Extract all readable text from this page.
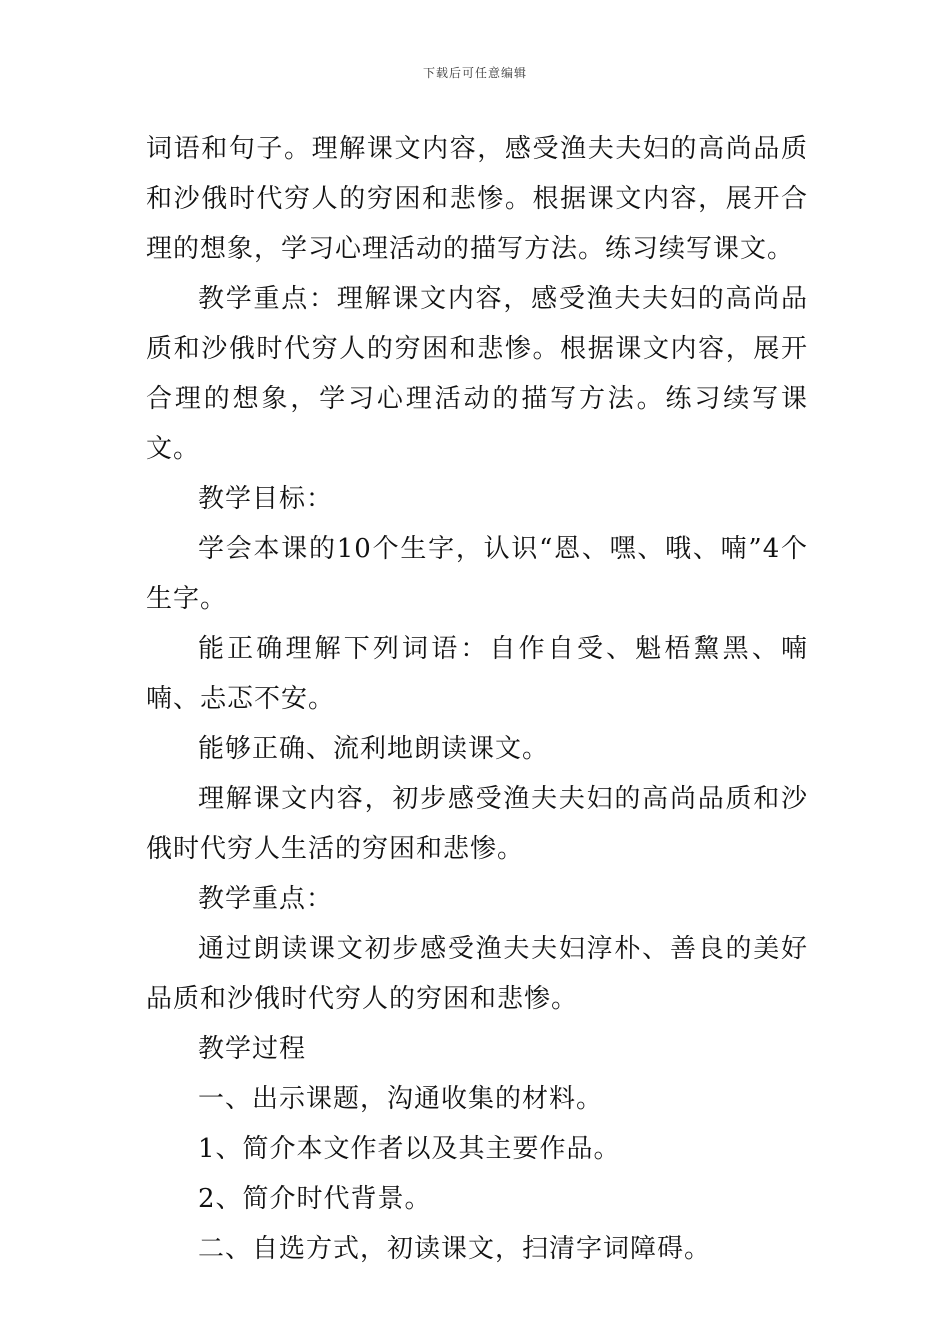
下载后可任意编辑

词语和句子。理解课文内容，感受渔夫夫妇的高尚品质和沙俄时代穷人的穷困和悲惨。根据课文内容，展开合理的想象，学习心理活动的描写方法。练习续写课文。

教学重点：理解课文内容，感受渔夫夫妇的高尚品质和沙俄时代穷人的穷困和悲惨。根据课文内容，展开合理的想象，学习心理活动的描写方法。练习续写课文。

教学目标：

学会本课的10个生字，认识“恩、嘿、哦、喃”4个生字。

能正确理解下列词语：自作自受、魁梧黧黑、喃喃、忐忑不安。

能够正确、流利地朗读课文。

理解课文内容，初步感受渔夫夫妇的高尚品质和沙俄时代穷人生活的穷困和悲惨。

教学重点：

通过朗读课文初步感受渔夫夫妇淳朴、善良的美好品质和沙俄时代穷人的穷困和悲惨。

教学过程

一、出示课题，沟通收集的材料。

1、简介本文作者以及其主要作品。

2、简介时代背景。

二、自选方式，初读课文，扫清字词障碍。
